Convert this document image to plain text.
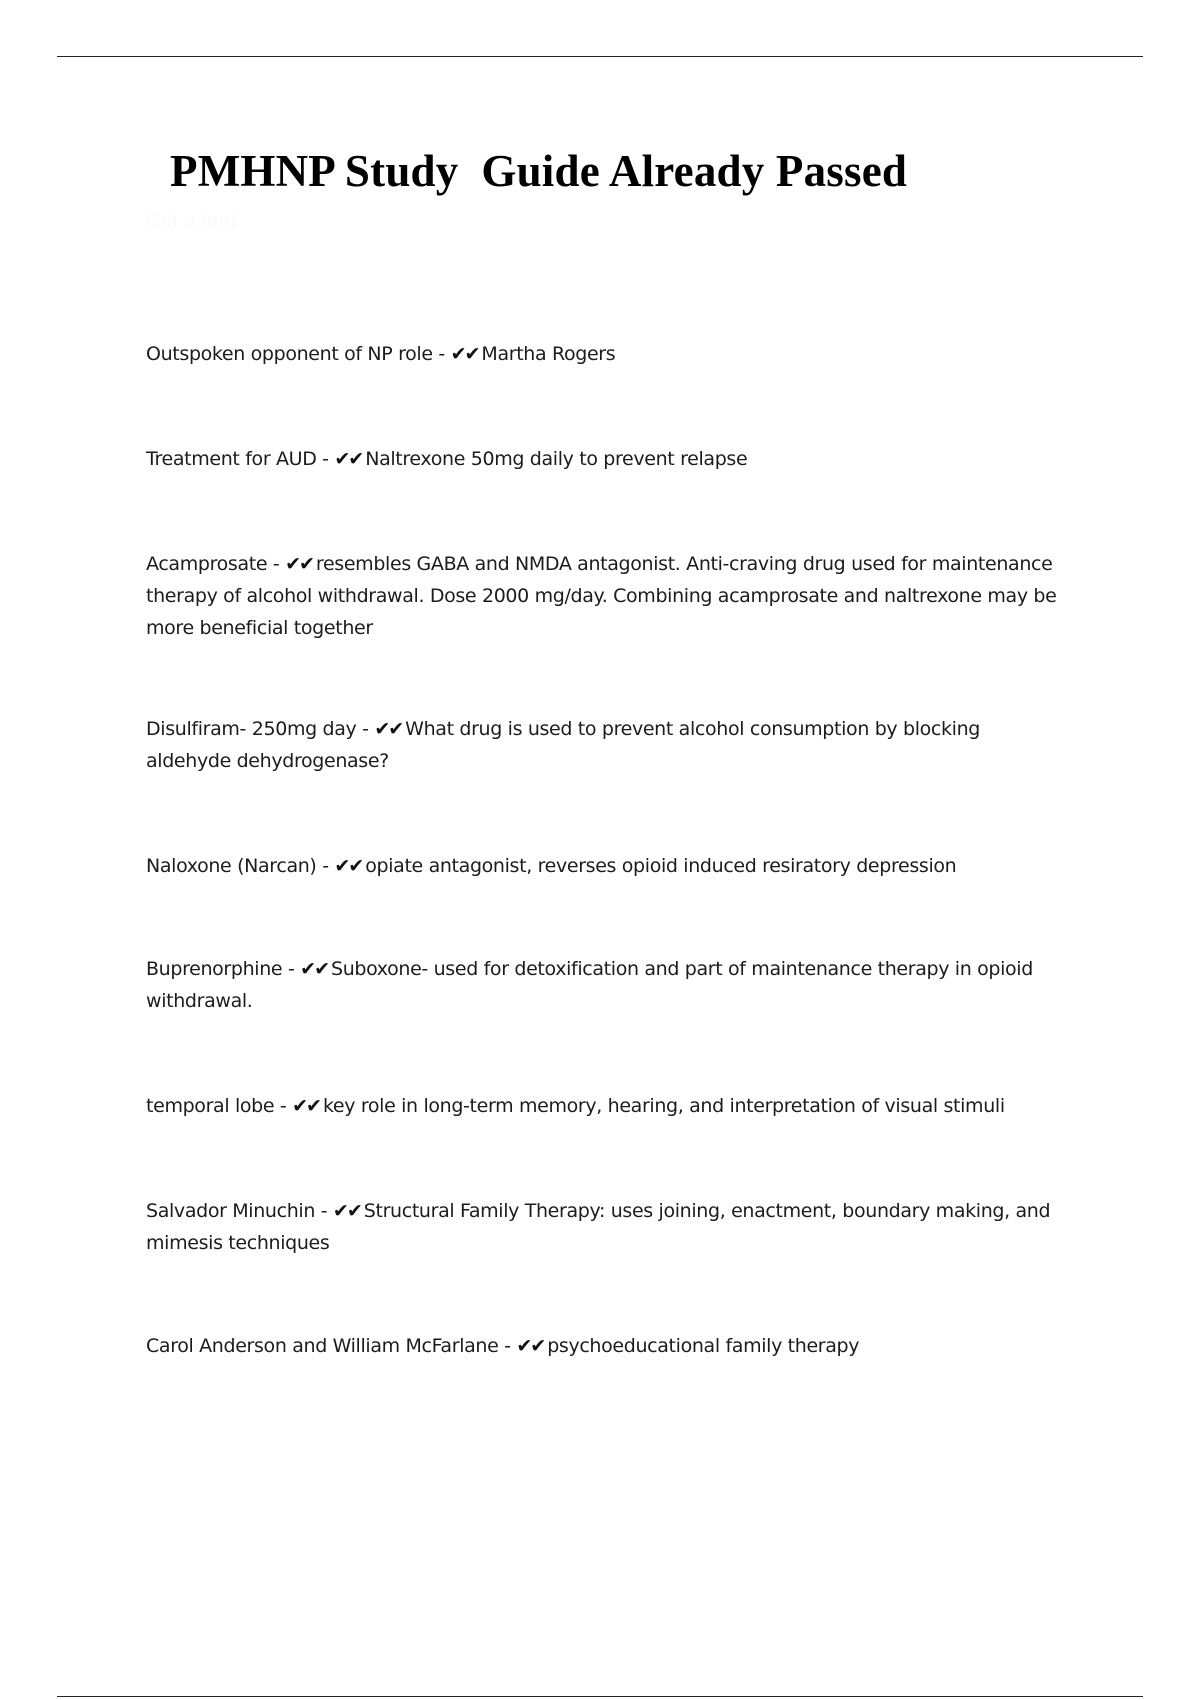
PMHNP Study  Guide Already Passed
Get a hint

Outspoken opponent of NP role - ✔✔ Martha Rogers

Treatment for AUD - ✔✔ Naltrexone 50mg daily to prevent relapse

Acamprosate - ✔✔ resembles GABA and NMDA antagonist. Anti-craving drug used for maintenance therapy of alcohol withdrawal. Dose 2000 mg/day. Combining acamprosate and naltrexone may be more beneficial together

Disulfiram- 250mg day - ✔✔ What drug is used to prevent alcohol consumption by blocking aldehyde dehydrogenase?

Naloxone (Narcan) - ✔✔ opiate antagonist, reverses opioid induced resiratory depression

Buprenorphine - ✔✔ Suboxone- used for detoxification and part of maintenance therapy in opioid withdrawal.

temporal lobe - ✔✔ key role in long-term memory, hearing, and interpretation of visual stimuli

Salvador Minuchin - ✔✔ Structural Family Therapy: uses joining, enactment, boundary making, and mimesis techniques

Carol Anderson and William McFarlane - ✔✔ psychoeducational family therapy
